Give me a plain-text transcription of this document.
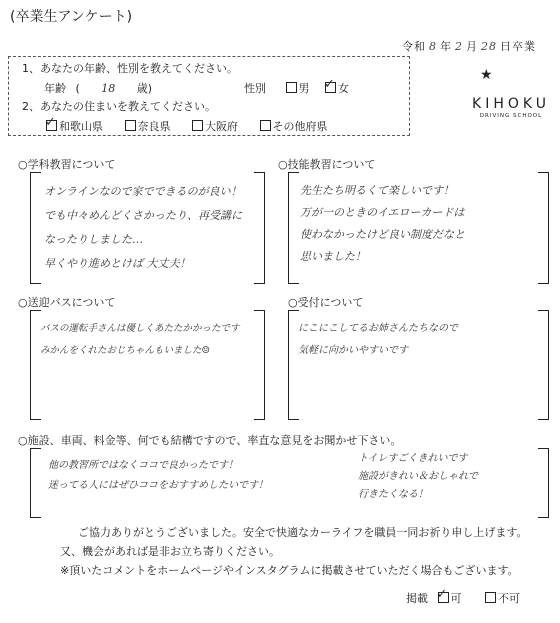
(卒業生アンケート)
令和 8 年 2 月 28 日卒業
1、あなたの年齢、性別を教えてください。
年齢 ( 18 歳)	性別	男 ✓	女
2、あなたの住まいを教えてください。
✓和歌山県	奈良県	大阪府	その他府県
★
KIHOKU
DRIVING SCHOOL
○学科教習について
オンラインなので家でできるのが良い！
でも中々めんどくさかったり、再受講に
なったりしました…
早くやり進めとけば 大丈夫！
○技能教習について
先生たち明るくて楽しいです！
万が一のときのイエローカードは
使わなかったけど良い制度だなと
思いました！
○送迎バスについて
バスの運転手さんは優しくあたたかかったです
みかんをくれたおじちゃんもいました☺
○受付について
にこにこしてるお姉さんたちなので
気軽に向かいやすいです
○施設、車両、料金等、何でも結構ですので、率直な意見をお聞かせ下さい。
他の教習所ではなくココで良かったです！
迷ってる人にはぜひココをおすすめしたいです！
トイレすごくきれいです
施設がきれい＆おしゃれで
行きたくなる！
ご協力ありがとうございました。安全で快適なカーライフを職員一同お祈り申し上げます。
又、機会があれば是非お立ち寄りください。
※頂いたコメントをホームページやインスタグラムに掲載させていただく場合もございます。
掲載 ✓ 可	不可
